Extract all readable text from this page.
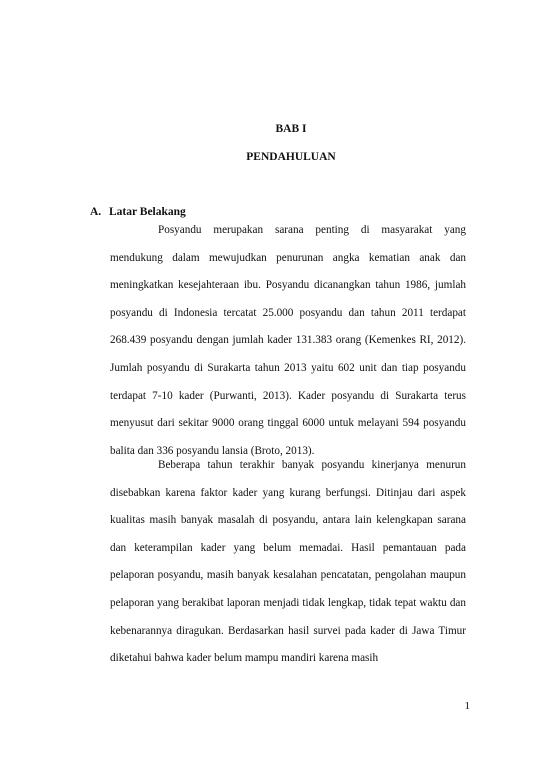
BAB I
PENDAHULUAN
A. Latar Belakang

Posyandu merupakan sarana penting di masyarakat yang mendukung dalam mewujudkan penurunan angka kematian anak dan meningkatkan kesejahteraan ibu. Posyandu dicanangkan tahun 1986, jumlah posyandu di Indonesia tercatat 25.000 posyandu dan tahun 2011 terdapat 268.439 posyandu dengan jumlah kader 131.383 orang (Kemenkes RI, 2012). Jumlah posyandu di Surakarta tahun 2013 yaitu 602 unit dan tiap posyandu terdapat 7-10 kader (Purwanti, 2013). Kader posyandu di Surakarta terus menyusut dari sekitar 9000 orang tinggal 6000 untuk melayani 594 posyandu balita dan 336 posyandu lansia (Broto, 2013).

Beberapa tahun terakhir banyak posyandu kinerjanya menurun disebabkan karena faktor kader yang kurang berfungsi. Ditinjau dari aspek kualitas masih banyak masalah di posyandu, antara lain kelengkapan sarana dan keterampilan kader yang belum memadai. Hasil pemantauan pada pelaporan posyandu, masih banyak kesalahan pencatatan, pengolahan maupun pelaporan yang berakibat laporan menjadi tidak lengkap, tidak tepat waktu dan kebenarannya diragukan. Berdasarkan hasil survei pada kader di Jawa Timur diketahui bahwa kader belum mampu mandiri karena masih

1
